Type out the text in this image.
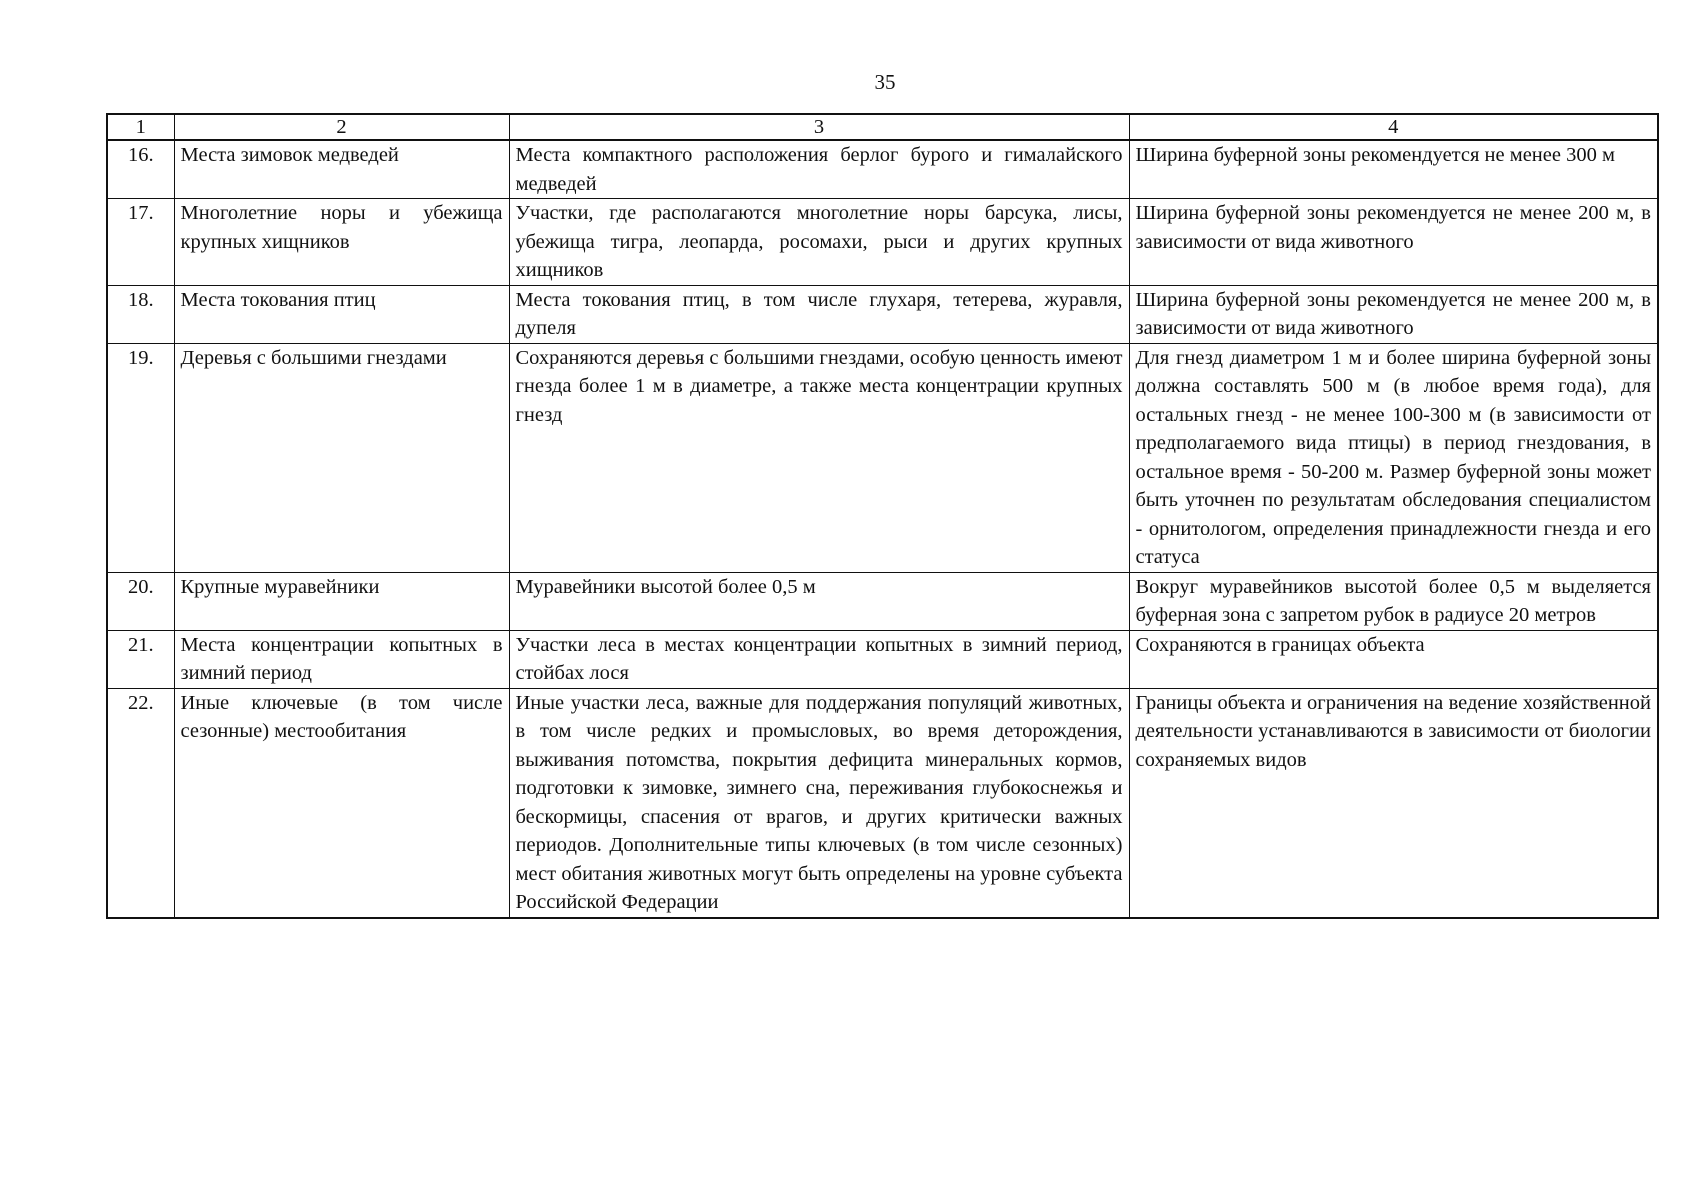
35
1	2	3	4
16.	Места зимовок медведей	Места компактного расположения берлог бурого и гималайского медведей	Ширина буферной зоны рекомендуется не менее 300 м
17.	Многолетние норы и убежища крупных хищников	Участки, где располагаются многолетние норы барсука, лисы, убежища тигра, леопарда, росомахи, рыси и других крупных хищников	Ширина буферной зоны рекомендуется не менее 200 м, в зависимости от вида животного
18.	Места токования птиц	Места токования птиц, в том числе глухаря, тетерева, журавля, дупеля	Ширина буферной зоны рекомендуется не менее 200 м, в зависимости от вида животного
19.	Деревья с большими гнездами	Сохраняются деревья с большими гнездами, особую ценность имеют гнезда более 1 м в диаметре, а также места концентрации крупных гнезд	Для гнезд диаметром 1 м и более ширина буферной зоны должна составлять 500 м (в любое время года), для остальных гнезд - не менее 100-300 м (в зависимости от предполагаемого вида птицы) в период гнездования, в остальное время - 50-200 м. Размер буферной зоны может быть уточнен по результатам обследования специалистом - орнитологом, определения принадлежности гнезда и его статуса
20.	Крупные муравейники	Муравейники высотой более 0,5 м	Вокруг муравейников высотой более 0,5 м выделяется буферная зона с запретом рубок в радиусе 20 метров
21.	Места концентрации копытных в зимний период	Участки леса в местах концентрации копытных в зимний период, стойбах лося	Сохраняются в границах объекта
22.	Иные ключевые (в том числе сезонные) местообитания	Иные участки леса, важные для поддержания популяций животных, в том числе редких и промысловых, во время деторождения, выживания потомства, покрытия дефицита минеральных кормов, подготовки к зимовке, зимнего сна, переживания глубокоснежья и бескормицы, спасения от врагов, и других критически важных периодов. Дополнительные типы ключевых (в том числе сезонных) мест обитания животных могут быть определены на уровне субъекта Российской Федерации	Границы объекта и ограничения на ведение хозяйственной деятельности устанавливаются в зависимости от биологии сохраняемых видов
